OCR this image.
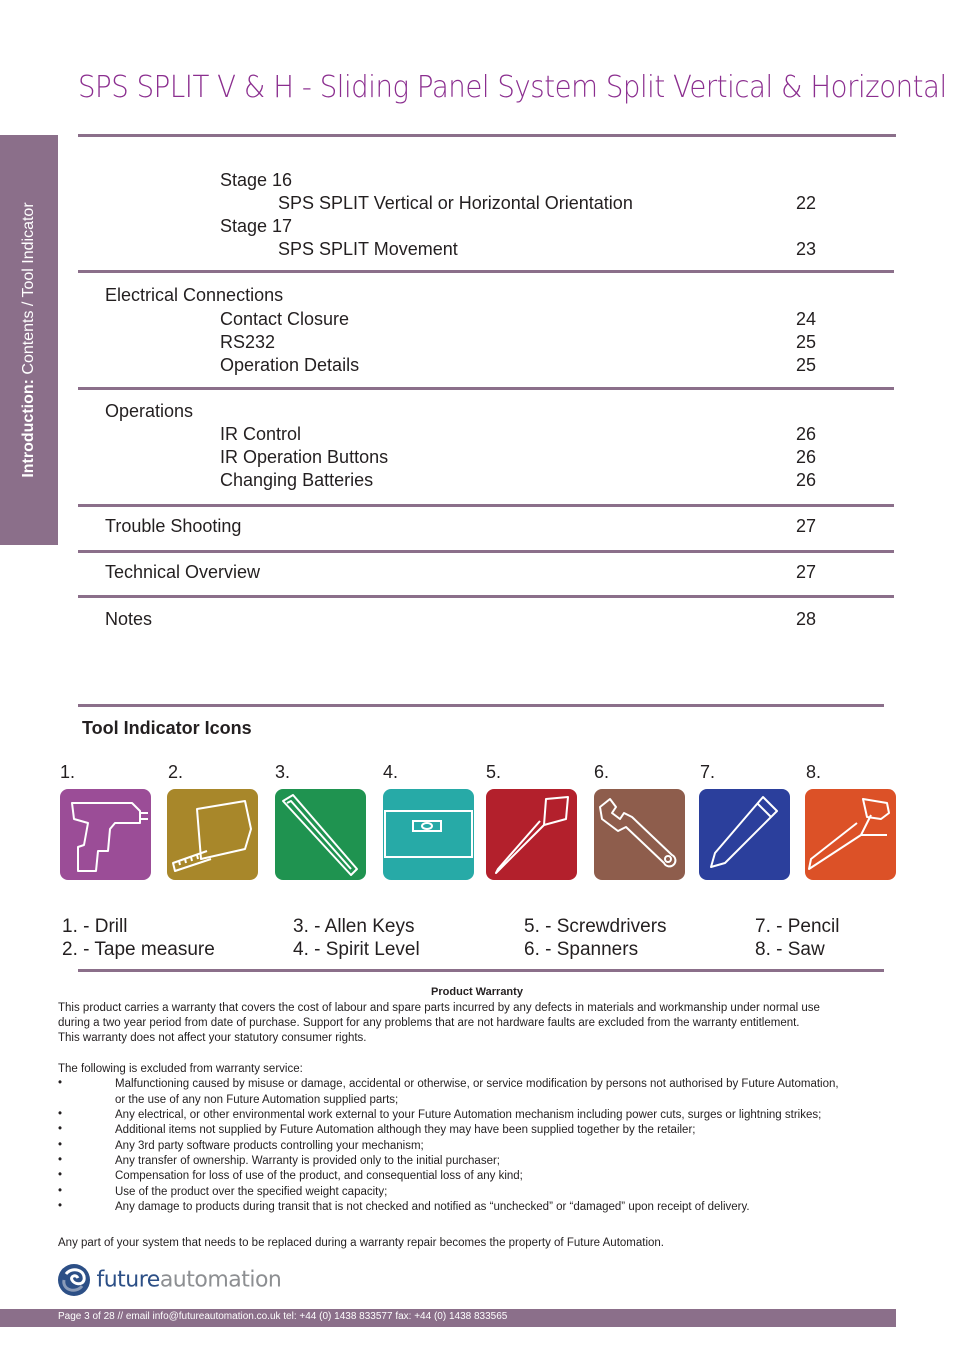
SPS SPLIT V & H - Sliding Panel System Split Vertical & Horizontal
Introduction: Contents / Tool Indicator
Stage 16
SPS SPLIT Vertical or Horizontal Orientation	22
Stage 17
SPS SPLIT Movement	23
Electrical Connections
Contact Closure	24
RS232	25
Operation Details	25
Operations
IR Control	26
IR Operation Buttons	26
Changing Batteries	26
Trouble Shooting	27
Technical Overview	27
Notes	28
Tool Indicator Icons
1.	2.	3.	4.	5.	6.	7.	8.
1. - Drill
2. - Tape measure
3. - Allen Keys
4. - Spirit Level
5. - Screwdrivers
6. - Spanners
7. - Pencil
8. - Saw
Product Warranty
This product carries a warranty that covers the cost of labour and spare parts incurred by any defects in materials and workmanship under normal use
during a two year period from date of purchase. Support for any problems that are not hardware faults are excluded from the warranty entitlement.
This warranty does not affect your statutory consumer rights.
The following is excluded from warranty service:
•	Malfunctioning caused by misuse or damage, accidental or otherwise, or service modification by persons not authorised by Future Automation,
or the use of any non Future Automation supplied parts;
•	Any electrical, or other environmental work external to your Future Automation mechanism including power cuts, surges or lightning strikes;
•	Additional items not supplied by Future Automation although they may have been supplied together by the retailer;
•	Any 3rd party software products controlling your mechanism;
•	Any transfer of ownership. Warranty is provided only to the initial purchaser;
•	Compensation for loss of use of the product, and consequential loss of any kind;
•	Use of the product over the specified weight capacity;
•	Any damage to products during transit that is not checked and notified as “unchecked” or “damaged” upon receipt of delivery.
Any part of your system that needs to be replaced during a warranty repair becomes the property of Future Automation.
futureautomation
Page 3 of 28 // email info@futureautomation.co.uk tel: +44 (0) 1438 833577 fax: +44 (0) 1438 833565
